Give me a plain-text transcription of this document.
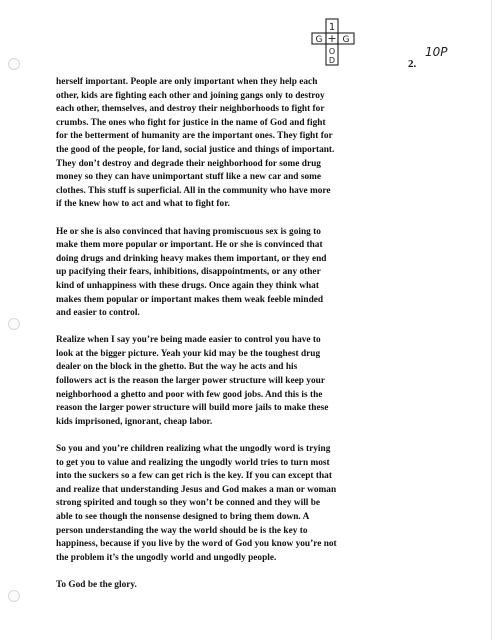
1
G + G
O
D	2.
10P

herself important. People are only important when they help each
other, kids are fighting each other and joining gangs only to destroy
each other, themselves, and destroy their neighborhoods to fight for
crumbs. The ones who fight for justice in the name of God and fight
for the betterment of humanity are the important ones. They fight for
the good of the people, for land, social justice and things of important.
They don’t destroy and degrade their neighborhood for some drug
money so they can have unimportant stuff like a new car and some
clothes. This stuff is superficial. All in the community who have more
if the knew how to act and what to fight for.

He or she is also convinced that having promiscuous sex is going to
make them more popular or important. He or she is convinced that
doing drugs and drinking heavy makes them important, or they end
up pacifying their fears, inhibitions, disappointments, or any other
kind of unhappiness with these drugs. Once again they think what
makes them popular or important makes them weak feeble minded
and easier to control.

Realize when I say you’re being made easier to control you have to
look at the bigger picture. Yeah your kid may be the toughest drug
dealer on the block in the ghetto. But the way he acts and his
followers act is the reason the larger power structure will keep your
neighborhood a ghetto and poor with few good jobs. And this is the
reason the larger power structure will build more jails to make these
kids imprisoned, ignorant, cheap labor.

So you and you’re children realizing what the ungodly word is trying
to get you to value and realizing the ungodly world tries to turn most
into the suckers so a few can get rich is the key. If you can except that
and realize that understanding Jesus and God makes a man or woman
strong spirited and tough so they won’t be conned and they will be
able to see though the nonsense designed to bring them down. A
person understanding the way the world should be is the key to
happiness, because if you live by the word of God you know you’re not
the problem it’s the ungodly world and ungodly people.

To God be the glory.
